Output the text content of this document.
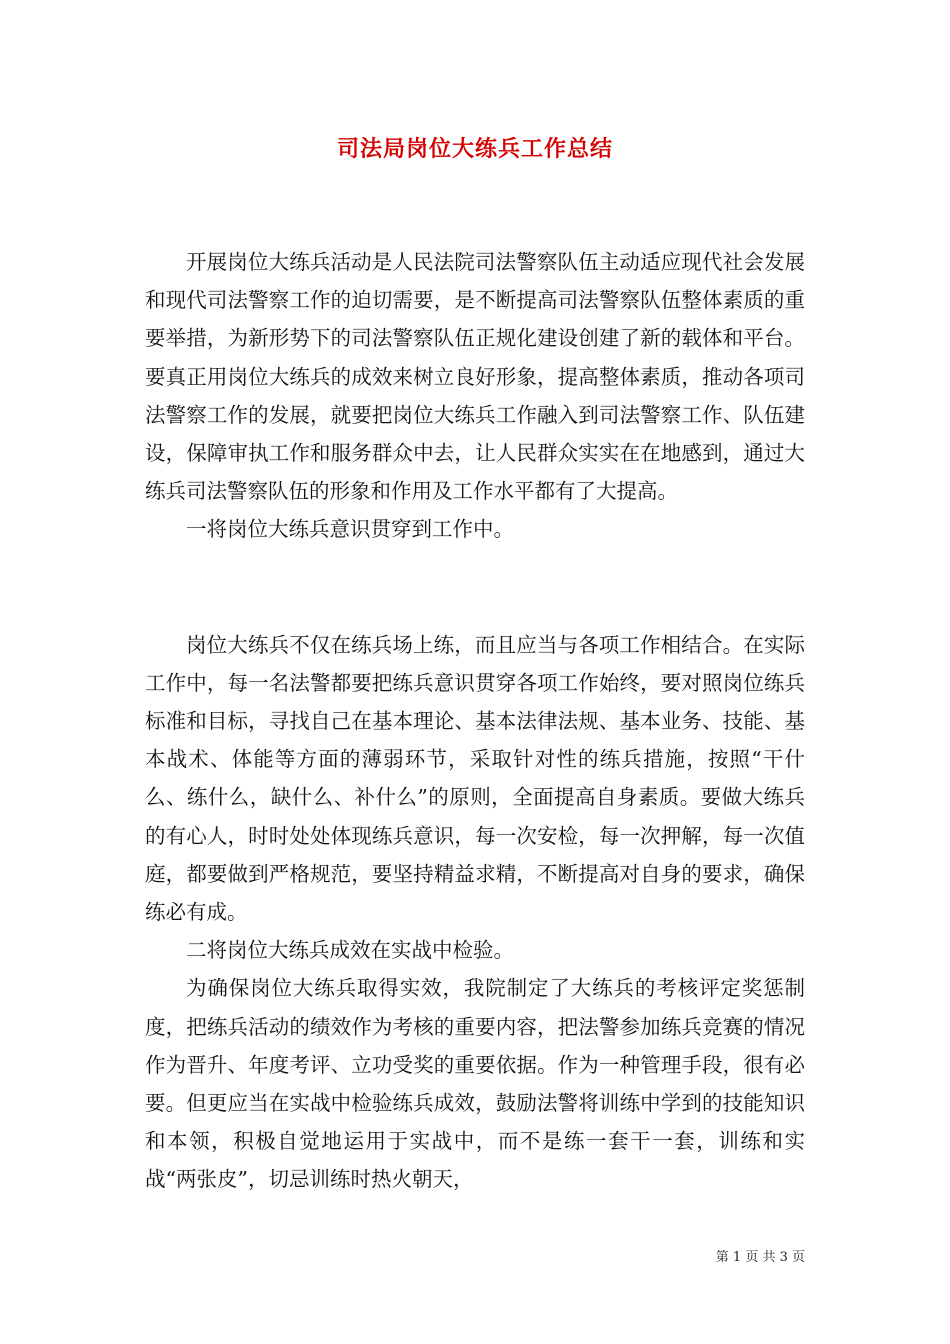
司法局岗位大练兵工作总结

开展岗位大练兵活动是人民法院司法警察队伍主动适应现代社会发展和现代司法警察工作的迫切需要，是不断提高司法警察队伍整体素质的重要举措，为新形势下的司法警察队伍正规化建设创建了新的载体和平台。要真正用岗位大练兵的成效来树立良好形象，提高整体素质，推动各项司法警察工作的发展，就要把岗位大练兵工作融入到司法警察工作、队伍建设，保障审执工作和服务群众中去，让人民群众实实在在地感到，通过大练兵司法警察队伍的形象和作用及工作水平都有了大提高。

一将岗位大练兵意识贯穿到工作中。

岗位大练兵不仅在练兵场上练，而且应当与各项工作相结合。在实际工作中，每一名法警都要把练兵意识贯穿各项工作始终，要对照岗位练兵标准和目标，寻找自己在基本理论、基本法律法规、基本业务、技能、基本战术、体能等方面的薄弱环节，采取针对性的练兵措施，按照“干什么、练什么，缺什么、补什么”的原则，全面提高自身素质。要做大练兵的有心人，时时处处体现练兵意识，每一次安检，每一次押解，每一次值庭，都要做到严格规范，要坚持精益求精，不断提高对自身的要求，确保练必有成。

二将岗位大练兵成效在实战中检验。

为确保岗位大练兵取得实效，我院制定了大练兵的考核评定奖惩制度，把练兵活动的绩效作为考核的重要内容，把法警参加练兵竞赛的情况作为晋升、年度考评、立功受奖的重要依据。作为一种管理手段，很有必要。但更应当在实战中检验练兵成效，鼓励法警将训练中学到的技能知识和本领，积极自觉地运用于实战中，而不是练一套干一套，训练和实战“两张皮”，切忌训练时热火朝天，

第 1 页 共 3 页
